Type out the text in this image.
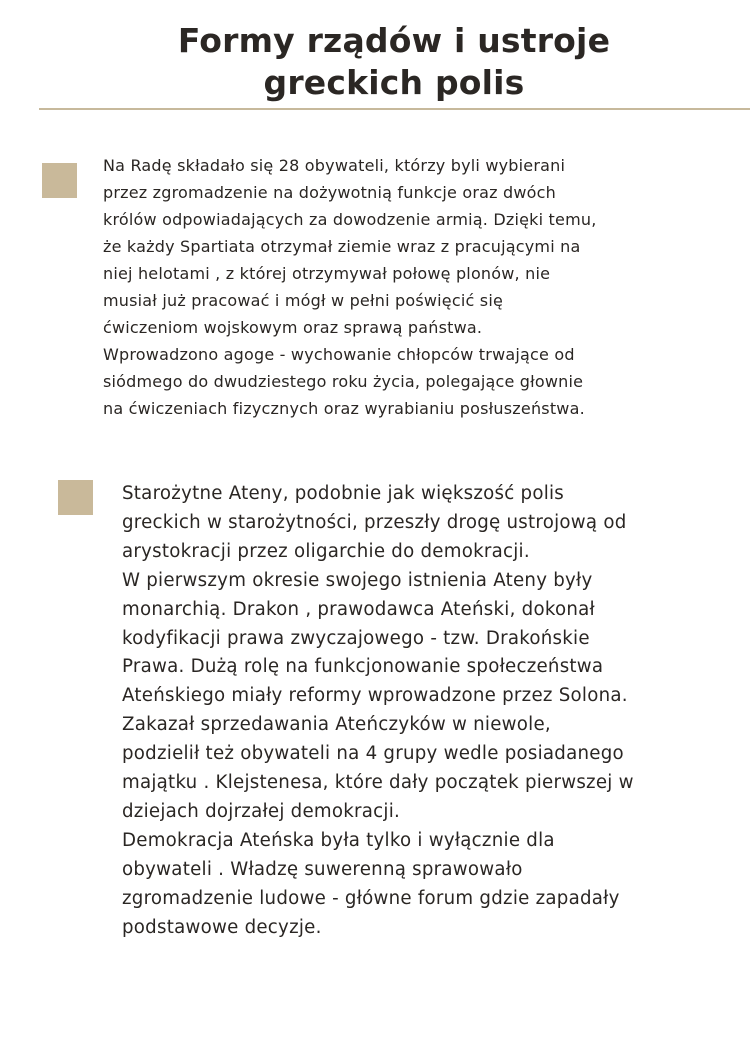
Formy rządów i ustroje
greckich polis

Na Radę składało się 28 obywateli, którzy byli wybierani
przez zgromadzenie na dożywotnią funkcje oraz dwóch
królów odpowiadających za dowodzenie armią. Dzięki temu,
że każdy Spartiata otrzymał ziemie wraz z pracującymi na
niej helotami , z której otrzymywał połowę plonów, nie
musiał już pracować i mógł w pełni poświęcić się
ćwiczeniom wojskowym oraz sprawą państwa.
Wprowadzono agoge - wychowanie chłopców trwające od
siódmego do dwudziestego roku życia, polegające głownie
na ćwiczeniach fizycznych oraz wyrabianiu posłuszeństwa.

Starożytne Ateny, podobnie jak większość polis
greckich w starożytności, przeszły drogę ustrojową od
arystokracji przez oligarchie do demokracji.
W pierwszym okresie swojego istnienia Ateny były
monarchią. Drakon , prawodawca Ateński, dokonał
kodyfikacji prawa zwyczajowego - tzw. Drakońskie
Prawa. Dużą rolę na funkcjonowanie społeczeństwa
Ateńskiego miały reformy wprowadzone przez Solona.
Zakazał sprzedawania Ateńczyków w niewole,
podzielił też obywateli na 4 grupy wedle posiadanego
majątku . Klejstenesa, które dały początek pierwszej w
dziejach dojrzałej demokracji.
Demokracja Ateńska była tylko i wyłącznie dla
obywateli . Władzę suwerenną sprawowało
zgromadzenie ludowe - główne forum gdzie zapadały
podstawowe decyzje.
